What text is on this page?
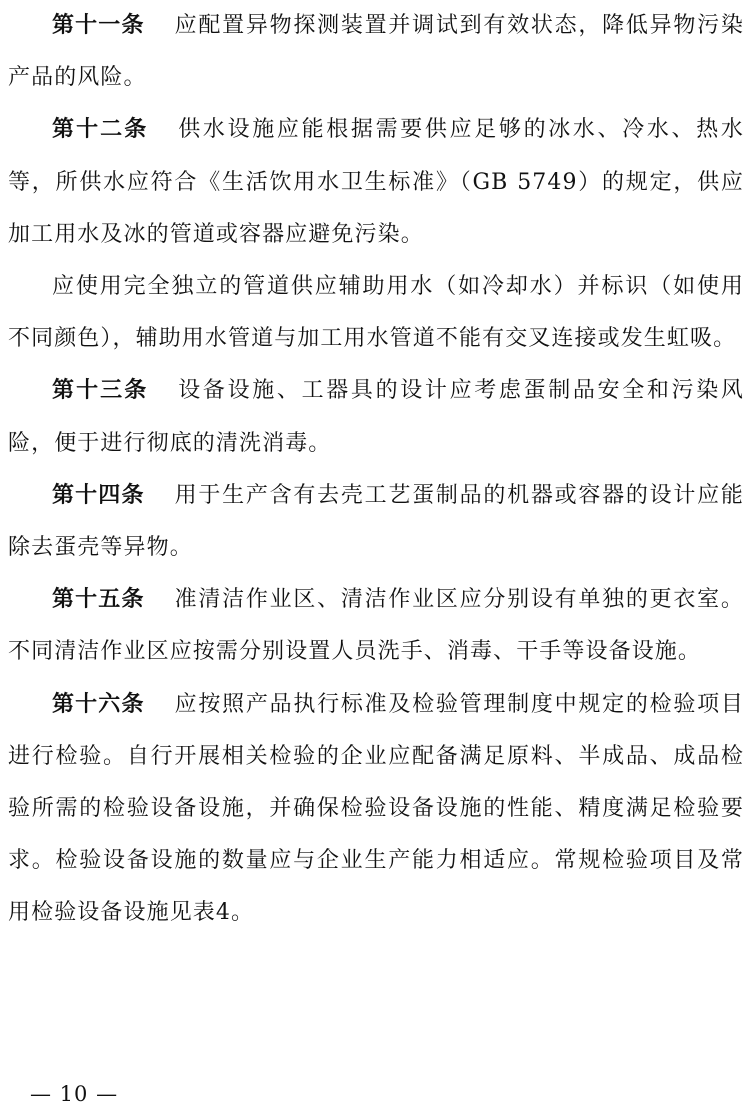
第十一条 应配置异物探测装置并调试到有效状态，降低异物污染产品的风险。

第十二条 供水设施应能根据需要供应足够的冰水、冷水、热水等，所供水应符合《生活饮用水卫生标准》（GB 5749）的规定，供应加工用水及冰的管道或容器应避免污染。

应使用完全独立的管道供应辅助用水（如冷却水）并标识（如使用不同颜色），辅助用水管道与加工用水管道不能有交叉连接或发生虹吸。

第十三条 设备设施、工器具的设计应考虑蛋制品安全和污染风险，便于进行彻底的清洗消毒。

第十四条 用于生产含有去壳工艺蛋制品的机器或容器的设计应能除去蛋壳等异物。

第十五条 准清洁作业区、清洁作业区应分别设有单独的更衣室。不同清洁作业区应按需分别设置人员洗手、消毒、干手等设备设施。

第十六条 应按照产品执行标准及检验管理制度中规定的检验项目进行检验。自行开展相关检验的企业应配备满足原料、半成品、成品检验所需的检验设备设施，并确保检验设备设施的性能、精度满足检验要求。检验设备设施的数量应与企业生产能力相适应。常规检验项目及常用检验设备设施见表4。

— 10 —
